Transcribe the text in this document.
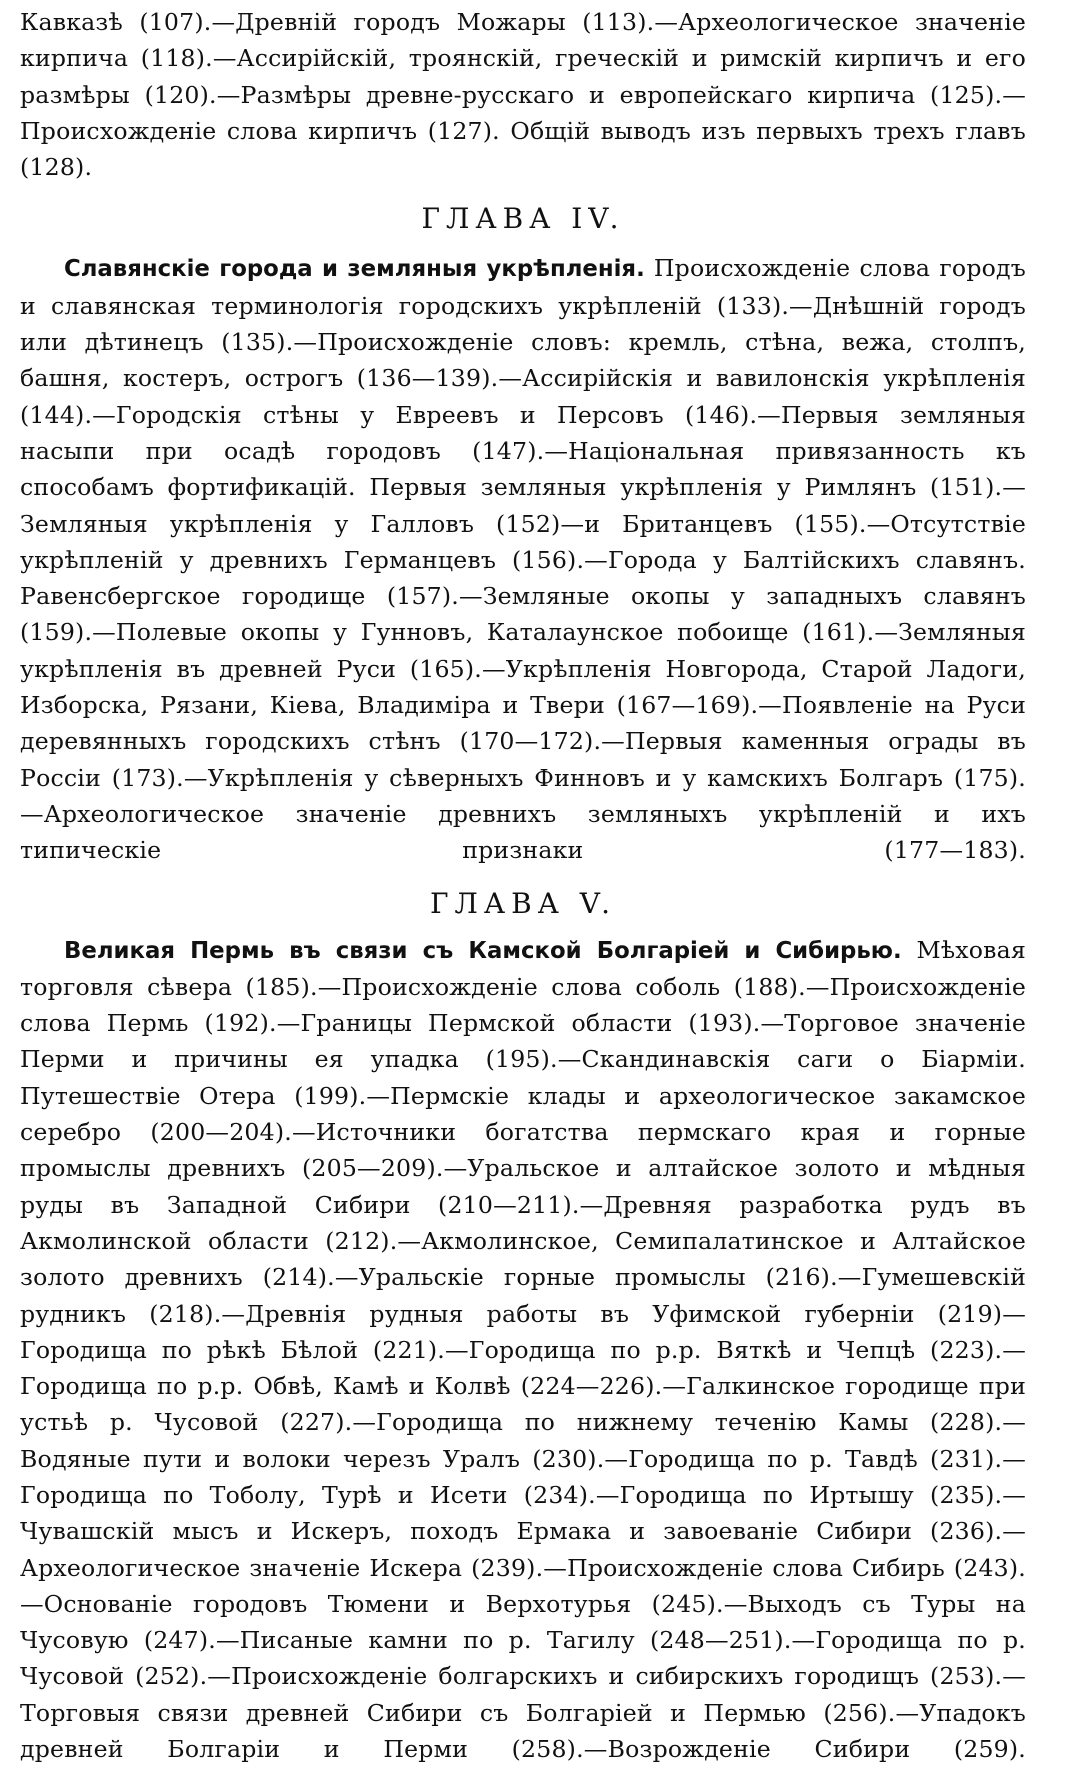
Кавказѣ (107).—Древній городъ Можары (113).—Археологическое значеніе кирпича (118).—Ассирійскій, троянскій, греческій и римскій кирпичъ и его размѣры (120).—Размѣры древне-русскаго и европейскаго кирпича (125).—Происхожденіе слова кирпичъ (127). Общій выводъ изъ первыхъ трехъ главъ (128).

ГЛАВА IV.

Славянскіе города и земляныя укрѣпленія. Происхожденіе слова городъ и славянская терминологія городскихъ укрѣпленій (133).—Днѣшній городъ или дѣтинецъ (135).—Происхожденіе словъ: кремль, стѣна, вежа, столпъ, башня, костеръ, острогъ (136—139).—Ассирійскія и вавилонскія укрѣпленія (144).—Городскія стѣны у Евреевъ и Персовъ (146).—Первыя земляныя насыпи при осадѣ городовъ (147).—Національная привязанность къ способамъ фортификацій. Первыя земляныя укрѣпленія у Римлянъ (151).—Земляныя укрѣпленія у Галловъ (152)—и Британцевъ (155).—Отсутствіе укрѣпленій у древнихъ Германцевъ (156).—Города у Балтійскихъ славянъ. Равенсбергское городище (157).—Земляные окопы у западныхъ славянъ (159).—Полевые окопы у Гунновъ, Каталаунское побоище (161).—Земляныя укрѣпленія въ древней Руси (165).—Укрѣпленія Новгорода, Старой Ладоги, Изборска, Рязани, Кіева, Владиміра и Твери (167—169).—Появленіе на Руси деревянныхъ городскихъ стѣнъ (170—172).—Первыя каменныя ограды въ Россіи (173).—Укрѣпленія у сѣверныхъ Финновъ и у камскихъ Болгаръ (175).—Археологическое значеніе древнихъ земляныхъ укрѣпленій и ихъ типическіе признаки (177—183).

ГЛАВА V.

Великая Пермь въ связи съ Камской Болгаріей и Сибирью. Мѣховая торговля сѣвера (185).—Происхожденіе слова соболь (188).—Происхожденіе слова Пермь (192).—Границы Пермской области (193).—Торговое значеніе Перми и причины ея упадка (195).—Скандинавскія саги о Біарміи. Путешествіе Отера (199).—Пермскіе клады и археологическое закамское серебро (200—204).—Источники богатства пермскаго края и горные промыслы древнихъ (205—209).—Уральское и алтайское золото и мѣдныя руды въ Западной Сибири (210—211).—Древняя разработка рудъ въ Акмолинской области (212).—Акмолинское, Семипалатинское и Алтайское золото древнихъ (214).—Уральскіе горные промыслы (216).—Гумешевскій рудникъ (218).—Древнія рудныя работы въ Уфимской губерніи (219)—Городища по рѣкѣ Бѣлой (221).—Городища по р.р. Вяткѣ и Чепцѣ (223).—Городища по р.р. Обвѣ, Камѣ и Колвѣ (224—226).—Галкинское городище при устьѣ р. Чусовой (227).—Городища по нижнему теченію Камы (228).—Водяные пути и волоки черезъ Уралъ (230).—Городища по р. Тавдѣ (231).—Городища по Тоболу, Турѣ и Исети (234).—Городища по Иртышу (235).—Чувашскій мысъ и Искеръ, походъ Ермака и завоеваніе Сибири (236).—Археологическое значеніе Искера (239).—Происхожденіе слова Сибирь (243).—Основаніе городовъ Тюмени и Верхотурья (245).—Выходъ съ Туры на Чусовую (247).—Писаные камни по р. Тагилу (248—251).—Городища по р. Чусовой (252).—Происхожденіе болгарскихъ и сибирскихъ городищъ (253).—Торговыя связи древней Сибири съ Болгаріей и Пермью (256).—Упадокъ древней Болгаріи и Перми (258).—Возрожденіе Сибири (259).
